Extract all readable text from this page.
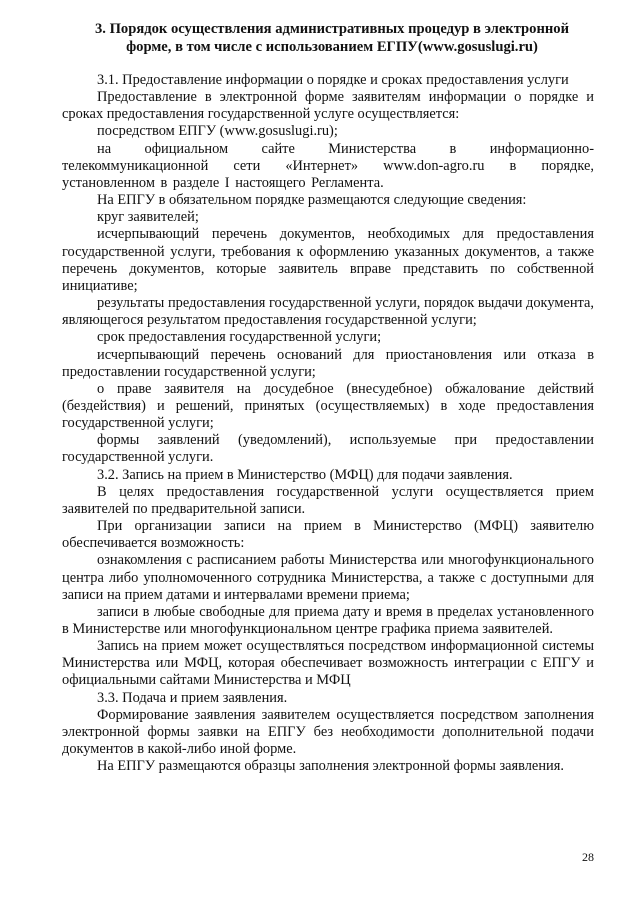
3. Порядок осуществления административных процедур в электронной
форме, в том числе с использованием ЕГПУ(www.gosuslugi.ru)

3.1. Предоставление информации о порядке и сроках предоставления услуги

Предоставление в электронной форме заявителям информации о порядке и сроках предоставления государственной услуге осуществляется:

посредством ЕПГУ (www.gosuslugi.ru);

на официальном сайте Министерства в информационно-телекоммуникационной сети «Интернет» www.don-agro.ru в порядке, установленном в разделе I настоящего Регламента.

На ЕПГУ в обязательном порядке размещаются следующие сведения:

круг заявителей;

исчерпывающий перечень документов, необходимых для предоставления государственной услуги, требования к оформлению указанных документов, а также перечень документов, которые заявитель вправе представить по собственной инициативе;

результаты предоставления государственной услуги, порядок выдачи документа, являющегося результатом предоставления государственной услуги;

срок предоставления государственной услуги;

исчерпывающий перечень оснований для приостановления или отказа в предоставлении государственной услуги;

о праве заявителя на досудебное (внесудебное) обжалование действий (бездействия) и решений, принятых (осуществляемых) в ходе предоставления государственной услуги;

формы заявлений (уведомлений), используемые при предоставлении государственной услуги.

3.2. Запись на прием в Министерство (МФЦ) для подачи заявления.

В целях предоставления государственной услуги осуществляется прием заявителей по предварительной записи.

При организации записи на прием в Министерство (МФЦ) заявителю обеспечивается возможность:

ознакомления с расписанием работы Министерства или многофункционального центра либо уполномоченного сотрудника Министерства, а также с доступными для записи на прием датами и интервалами времени приема;

записи в любые свободные для приема дату и время в пределах установленного в Министерстве или многофункциональном центре графика приема заявителей.

Запись на прием может осуществляться посредством информационной системы Министерства или МФЦ, которая обеспечивает возможность интеграции с ЕПГУ и официальными сайтами Министерства и МФЦ

3.3. Подача и прием заявления.

Формирование заявления заявителем осуществляется посредством заполнения электронной формы заявки на ЕПГУ без необходимости дополнительной подачи документов в какой-либо иной форме.

На ЕПГУ размещаются образцы заполнения электронной формы заявления.

28
